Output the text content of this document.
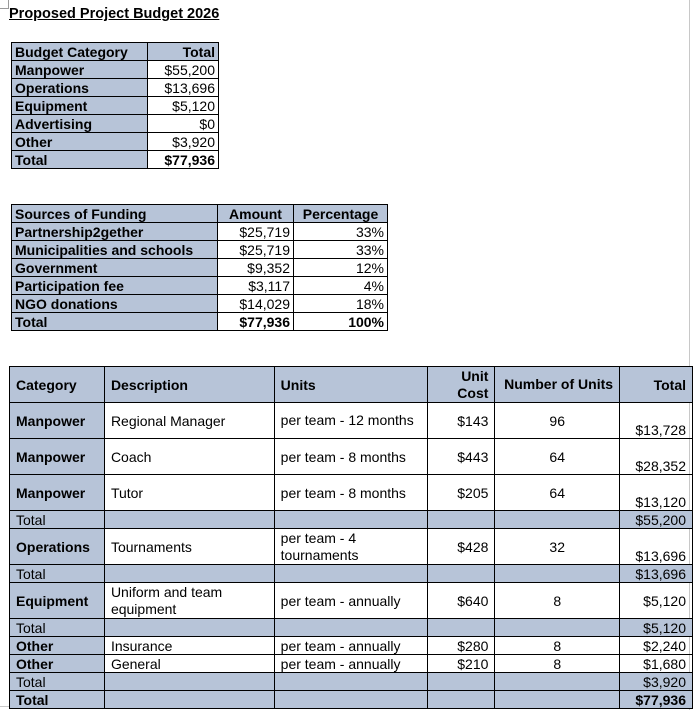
Proposed Project Budget 2026
Budget Category	Total
Manpower	$55,200
Operations	$13,696
Equipment	$5,120
Advertising	$0
Other	$3,920
Total	$77,936
Sources of Funding	Amount	Percentage
Partnership2gether	$25,719	33%
Municipalities and schools	$25,719	33%
Government	$9,352	12%
Participation fee	$3,117	4%
NGO donations	$14,029	18%
Total	$77,936	100%
Category	Description	Units	Unit Cost	Number of Units	Total
Manpower	Regional Manager	per team - 12 months	$143	96	$13,728
Manpower	Coach	per team - 8 months	$443	64	$28,352
Manpower	Tutor	per team - 8 months	$205	64	$13,120
Total					$55,200
Operations	Tournaments	per team - 4 tournaments	$428	32	$13,696
Total					$13,696
Equipment	Uniform and team equipment	per team - annually	$640	8	$5,120
Total					$5,120
Other	Insurance	per team - annually	$280	8	$2,240
Other	General	per team - annually	$210	8	$1,680
Total					$3,920
Total					$77,936
